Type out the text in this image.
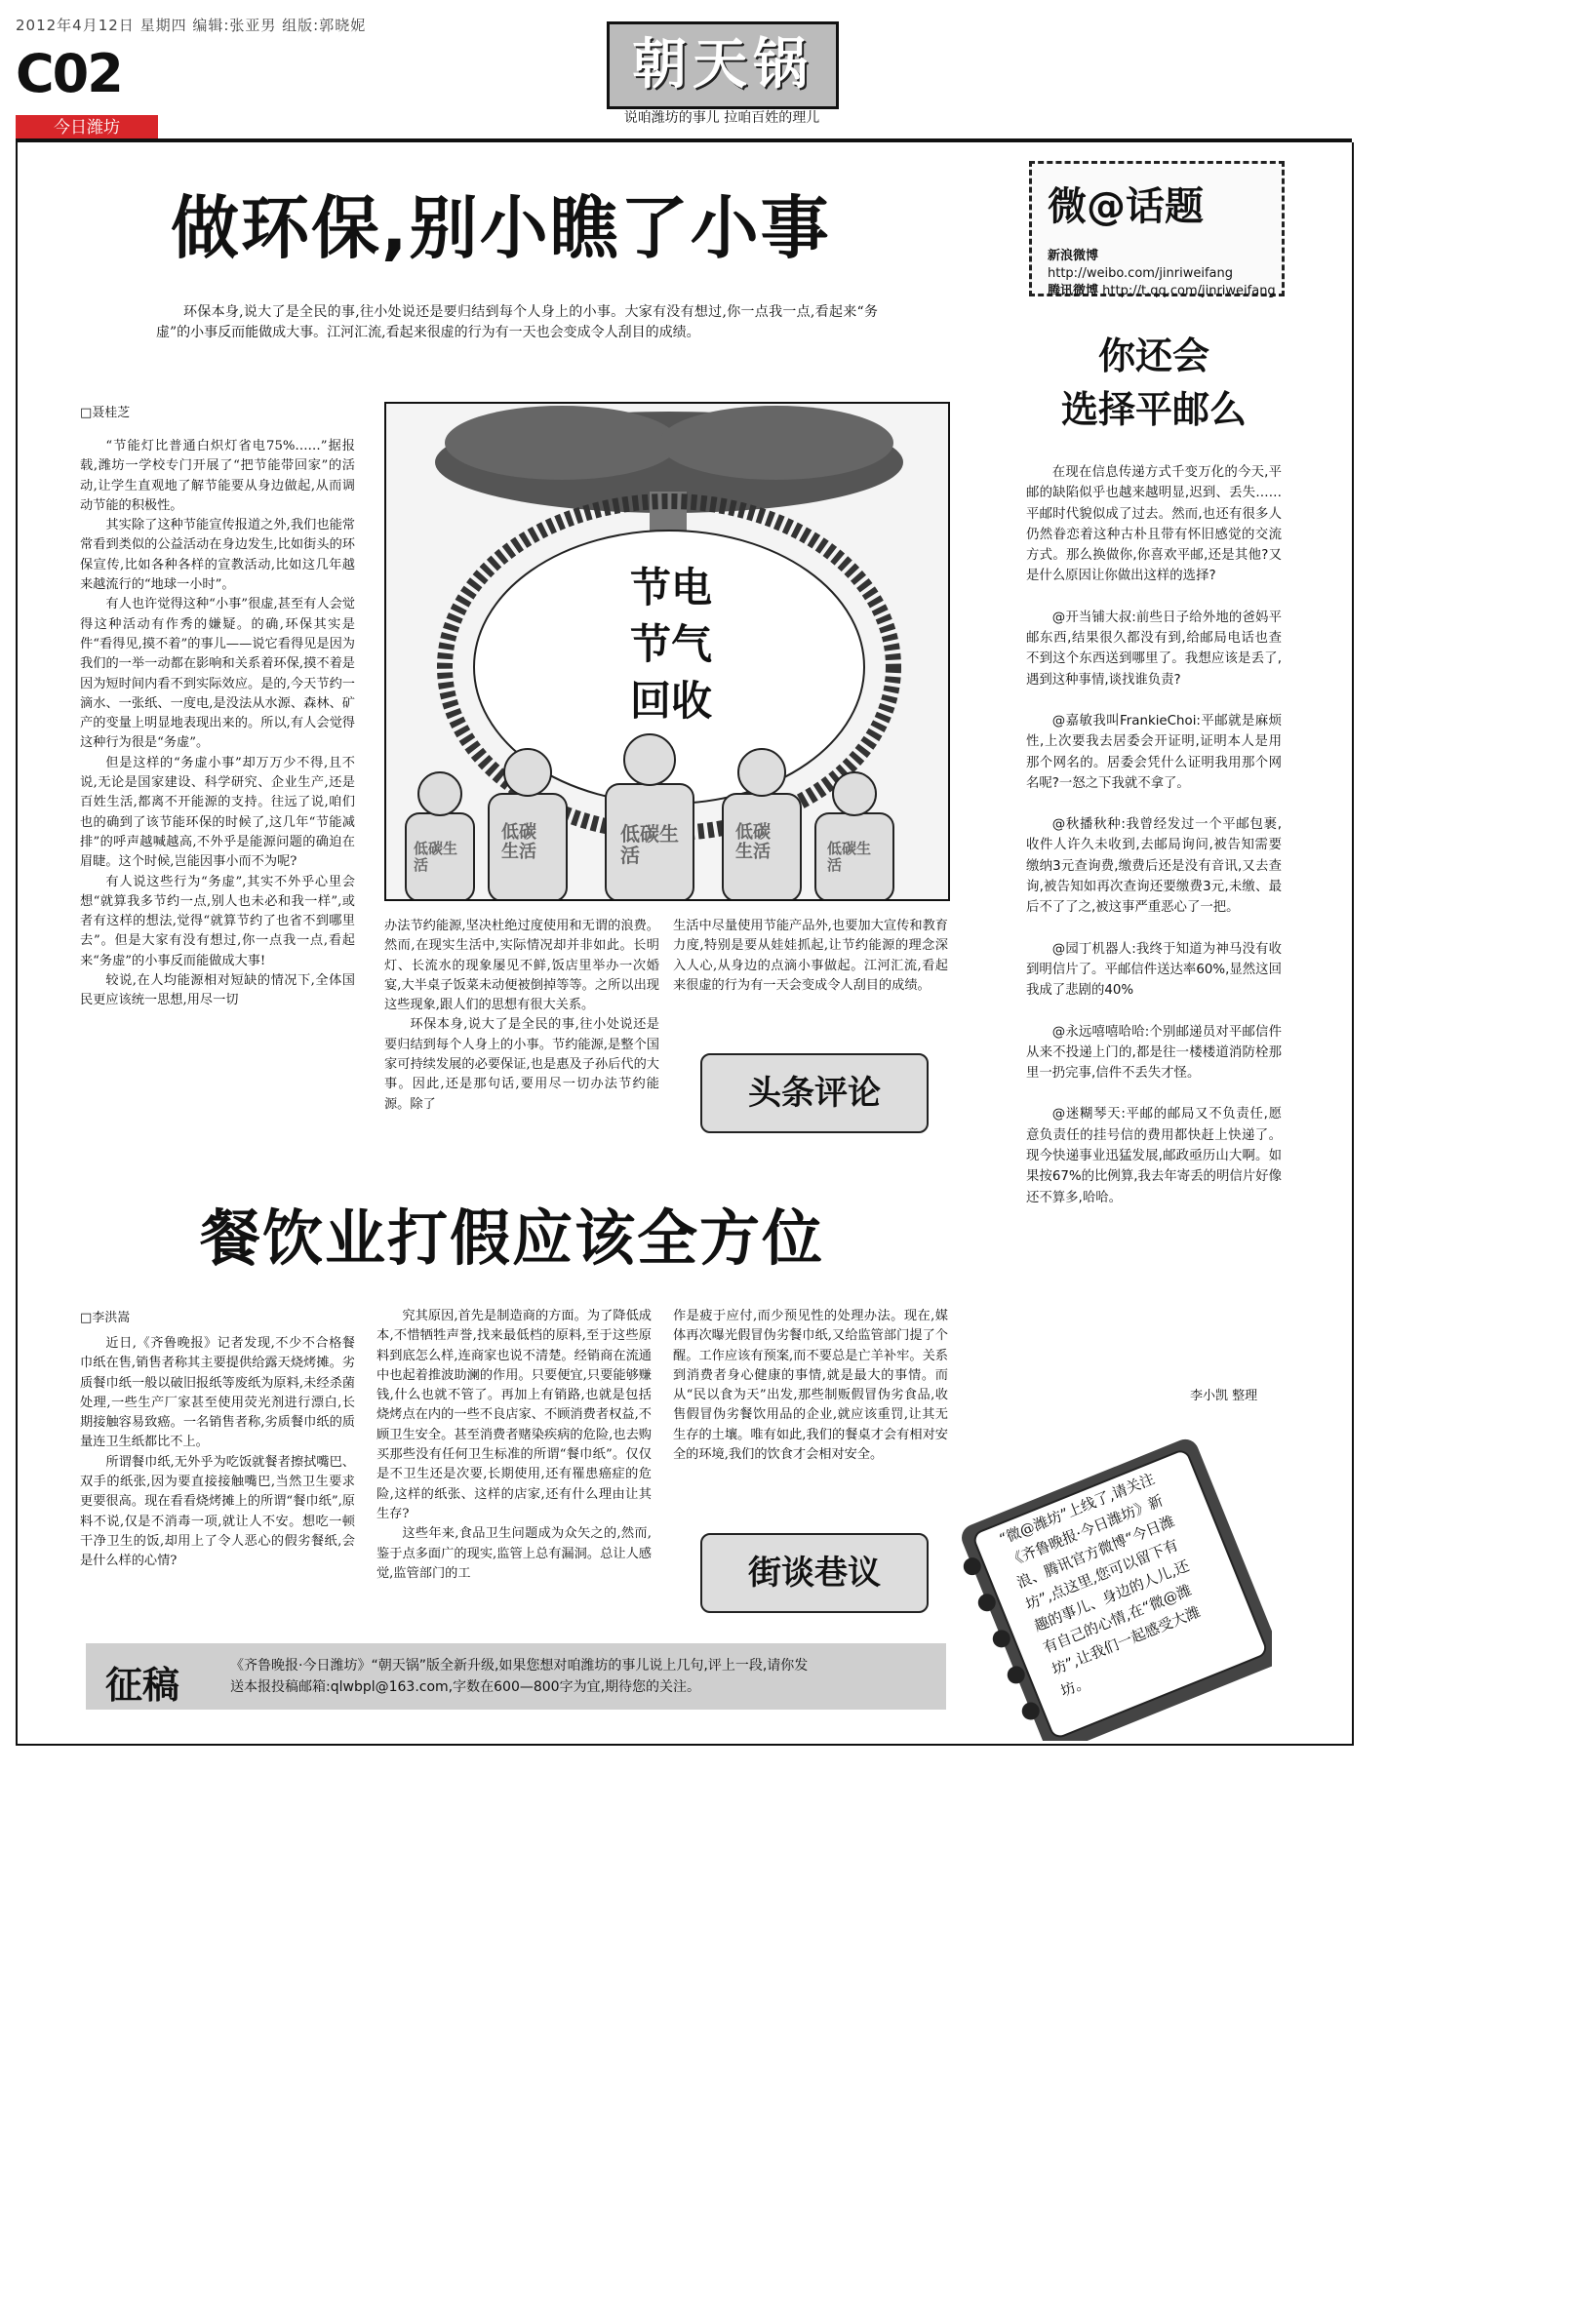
2012年4月12日 星期四 编辑:张亚男 组版:郭晓妮
C02
今日潍坊
朝天锅
说咱潍坊的事儿 拉咱百姓的理儿
做环保,别小瞧了小事

环保本身,说大了是全民的事,往小处说还是要归结到每个人身上的小事。大家有没有想过,你一点我一点,看起来“务虚”的小事反而能做成大事。江河汇流,看起来很虚的行为有一天也会变成令人刮目的成绩。

□聂桂芝

“节能灯比普通白炽灯省电75%……”据报载,潍坊一学校专门开展了“把节能带回家”的活动,让学生直观地了解节能要从身边做起,从而调动节能的积极性。

其实除了这种节能宣传报道之外,我们也能常常看到类似的公益活动在身边发生,比如街头的环保宣传,比如各种各样的宣教活动,比如这几年越来越流行的“地球一小时”。

有人也许觉得这种“小事”很虚,甚至有人会觉得这种活动有作秀的嫌疑。的确,环保其实是件“看得见,摸不着”的事儿——说它看得见是因为我们的一举一动都在影响和关系着环保,摸不着是因为短时间内看不到实际效应。是的,今天节约一滴水、一张纸、一度电,是没法从水源、森林、矿产的变量上明显地表现出来的。所以,有人会觉得这种行为很是“务虚”。

但是这样的“务虚小事”却万万少不得,且不说,无论是国家建设、科学研究、企业生产,还是百姓生活,都离不开能源的支持。往远了说,咱们也的确到了该节能环保的时候了,这几年“节能减排”的呼声越喊越高,不外乎是能源问题的确迫在眉睫。这个时候,岂能因事小而不为呢?

有人说这些行为“务虚”,其实不外乎心里会想“就算我多节约一点,别人也未必和我一样”,或者有这样的想法,觉得“就算节约了也省不到哪里去”。但是大家有没有想过,你一点我一点,看起来“务虚”的小事反而能做成大事!

较说,在人均能源相对短缺的情况下,全体国民更应该统一思想,用尽一切

节电
节气
回收
低碳生活
低碳生活
低碳生活
低碳生活	低碳生活

办法节约能源,坚决杜绝过度使用和无谓的浪费。然而,在现实生活中,实际情况却并非如此。长明灯、长流水的现象屡见不鲜,饭店里举办一次婚宴,大半桌子饭菜未动便被倒掉等等。之所以出现这些现象,跟人们的思想有很大关系。

环保本身,说大了是全民的事,往小处说还是要归结到每个人身上的小事。节约能源,是整个国家可持续发展的必要保证,也是惠及子孙后代的大事。因此,还是那句话,要用尽一切办法节约能源。除了

生活中尽量使用节能产品外,也要加大宣传和教育力度,特别是要从娃娃抓起,让节约能源的理念深入人心,从身边的点滴小事做起。江河汇流,看起来很虚的行为有一天会变成令人刮目的成绩。

头条评论
餐饮业打假应该全方位
□李洪嵩

近日,《齐鲁晚报》记者发现,不少不合格餐巾纸在售,销售者称其主要提供给露天烧烤摊。劣质餐巾纸一般以破旧报纸等废纸为原料,未经杀菌处理,一些生产厂家甚至使用荧光剂进行漂白,长期接触容易致癌。一名销售者称,劣质餐巾纸的质量连卫生纸都比不上。

所谓餐巾纸,无外乎为吃饭就餐者擦拭嘴巴、双手的纸张,因为要直接接触嘴巴,当然卫生要求更要很高。现在看看烧烤摊上的所谓“餐巾纸”,原料不说,仅是不消毒一项,就让人不安。想吃一顿干净卫生的饭,却用上了令人恶心的假劣餐纸,会是什么样的心情?

究其原因,首先是制造商的方面。为了降低成本,不惜牺牲声誉,找来最低档的原料,至于这些原料到底怎么样,连商家也说不清楚。经销商在流通中也起着推波助澜的作用。只要便宜,只要能够赚钱,什么也就不管了。再加上有销路,也就是包括烧烤点在内的一些不良店家、不顾消费者权益,不顾卫生安全。甚至消费者赌染疾病的危险,也去购买那些没有任何卫生标准的所谓“餐巾纸”。仅仅是不卫生还是次要,长期使用,还有罹患癌症的危险,这样的纸张、这样的店家,还有什么理由让其生存?

这些年来,食品卫生问题成为众矢之的,然而,鉴于点多面广的现实,监管上总有漏洞。总让人感觉,监管部门的工

作是疲于应付,而少预见性的处理办法。现在,媒体再次曝光假冒伪劣餐巾纸,又给监管部门提了个醒。工作应该有预案,而不要总是亡羊补牢。关系到消费者身心健康的事情,就是最大的事情。而从“民以食为天”出发,那些制贩假冒伪劣食品,收售假冒伪劣餐饮用品的企业,就应该重罚,让其无生存的土壤。唯有如此,我们的餐桌才会有相对安全的环境,我们的饮食才会相对安全。

街谈巷议
征稿	《齐鲁晚报·今日潍坊》“朝天锅”版全新升级,如果您想对咱潍坊的事儿说上几句,评上一段,请你发
送本报投稿邮箱:qlwbpl@163.com,字数在600—800字为宜,期待您的关注。
微@话题
新浪微博 http://weibo.com/jinriweifang
腾讯微博 http://t.qq.com/jinriweifang
你还会
选择平邮么

在现在信息传递方式千变万化的今天,平邮的缺陷似乎也越来越明显,迟到、丢失……平邮时代貌似成了过去。然而,也还有很多人仍然眷恋着这种古朴且带有怀旧感觉的交流方式。那么换做你,你喜欢平邮,还是其他?又是什么原因让你做出这样的选择?

@开当铺大叔:前些日子给外地的爸妈平邮东西,结果很久都没有到,给邮局电话也查不到这个东西送到哪里了。我想应该是丢了,遇到这种事情,谈找谁负责?

@嘉敏我叫FrankieChoi:平邮就是麻烦性,上次要我去居委会开证明,证明本人是用那个网名的。居委会凭什么证明我用那个网名呢?一怒之下我就不拿了。

@秋播秋种:我曾经发过一个平邮包裹,收件人许久未收到,去邮局询问,被告知需要缴纳3元查询费,缴费后还是没有音讯,又去查询,被告知如再次查询还要缴费3元,未缴、最后不了了之,被这事严重恶心了一把。

@园丁机器人:我终于知道为神马没有收到明信片了。平邮信件送达率60%,显然这回我成了悲剧的40%

@永远嘻嘻哈哈:个别邮递员对平邮信件从来不投递上门的,都是往一楼楼道消防栓那里一扔完事,信件不丢失才怪。

@迷糊琴天:平邮的邮局又不负责任,愿意负责任的挂号信的费用都快赶上快递了。现今快递事业迅猛发展,邮政亟历山大啊。如果按67%的比例算,我去年寄丢的明信片好像还不算多,哈哈。

李小凯 整理
“微@潍坊”上线了,请关注《齐鲁晚报·今日潍坊》新浪、腾讯官方微博“今日潍坊”,点这里,您可以留下有趣的事儿、身边的人儿,还有自己的心情,在“微@潍坊”,让我们一起感受大潍坊。
